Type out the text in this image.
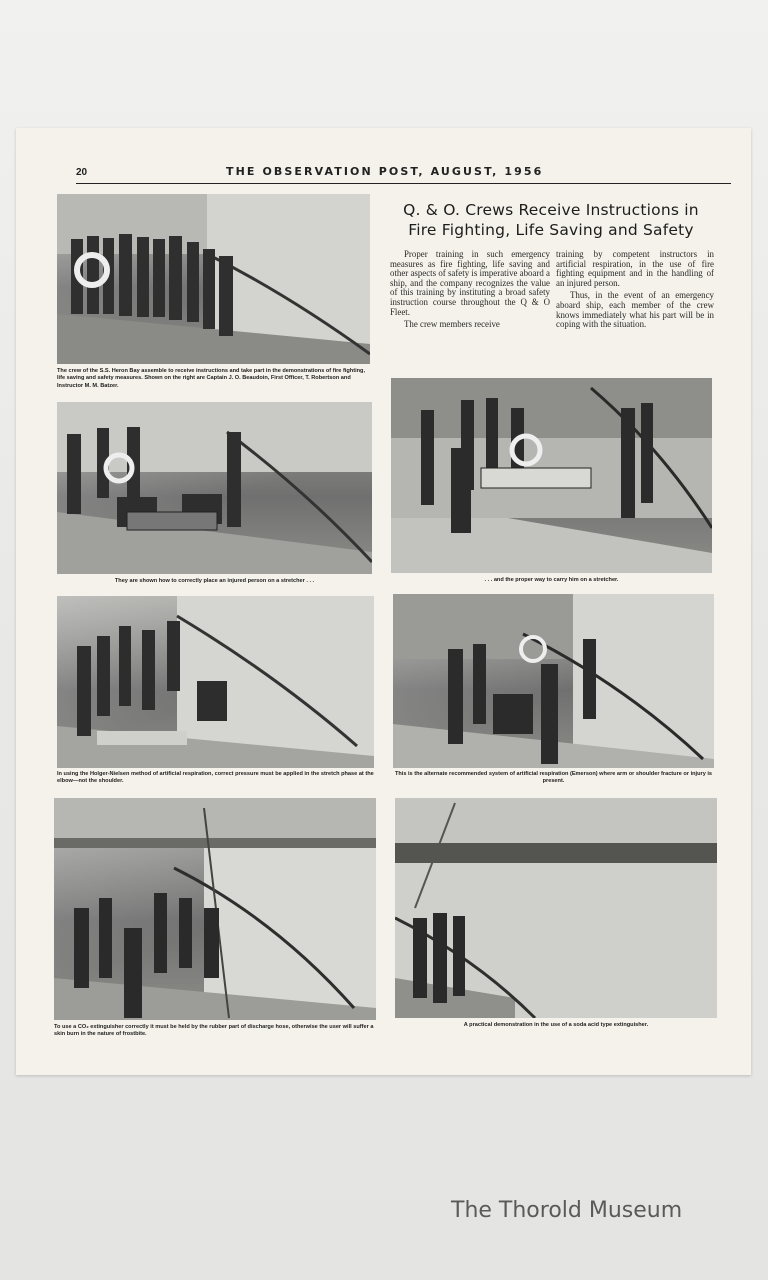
20	THE OBSERVATION POST, AUGUST, 1956
The crew of the S.S. Heron Bay assemble to receive instructions and take part in the demonstrations of fire fighting, life saving and safety measures. Shown on the right are Captain J. O. Beaudoin, First Officer, T. Robertson and Instructor M. M. Batzer.
Q. & O. Crews Receive Instructions in Fire Fighting, Life Saving and Safety

Proper training in such emergency measures as fire fighting, life saving and other aspects of safety is imperative aboard a ship, and the company recognizes the value of this training by instituting a broad safety instruction course throughout the Q & O Fleet.

The crew members receive

training by competent instructors in artificial respiration, in the use of fire fighting equipment and in the handling of an injured person.

Thus, in the event of an emergency aboard ship, each member of the crew knows immediately what his part will be in coping with the situation.

They are shown how to correctly place an injured person on a stretcher . . .	. . . and the proper way to carry him on a stretcher.
In using the Holger-Nielsen method of artificial respiration, correct pressure must be applied in the stretch phase at the elbow—not the shoulder.
This is the alternate recommended system of artificial respiration (Emerson) where arm or shoulder fracture or injury is present.
To use a CO₂ extinguisher correctly it must be held by the rubber part of discharge hose, otherwise the user will suffer a skin burn in the nature of frostbite.
A practical demonstration in the use of a soda acid type extinguisher.
The Thorold Museum
